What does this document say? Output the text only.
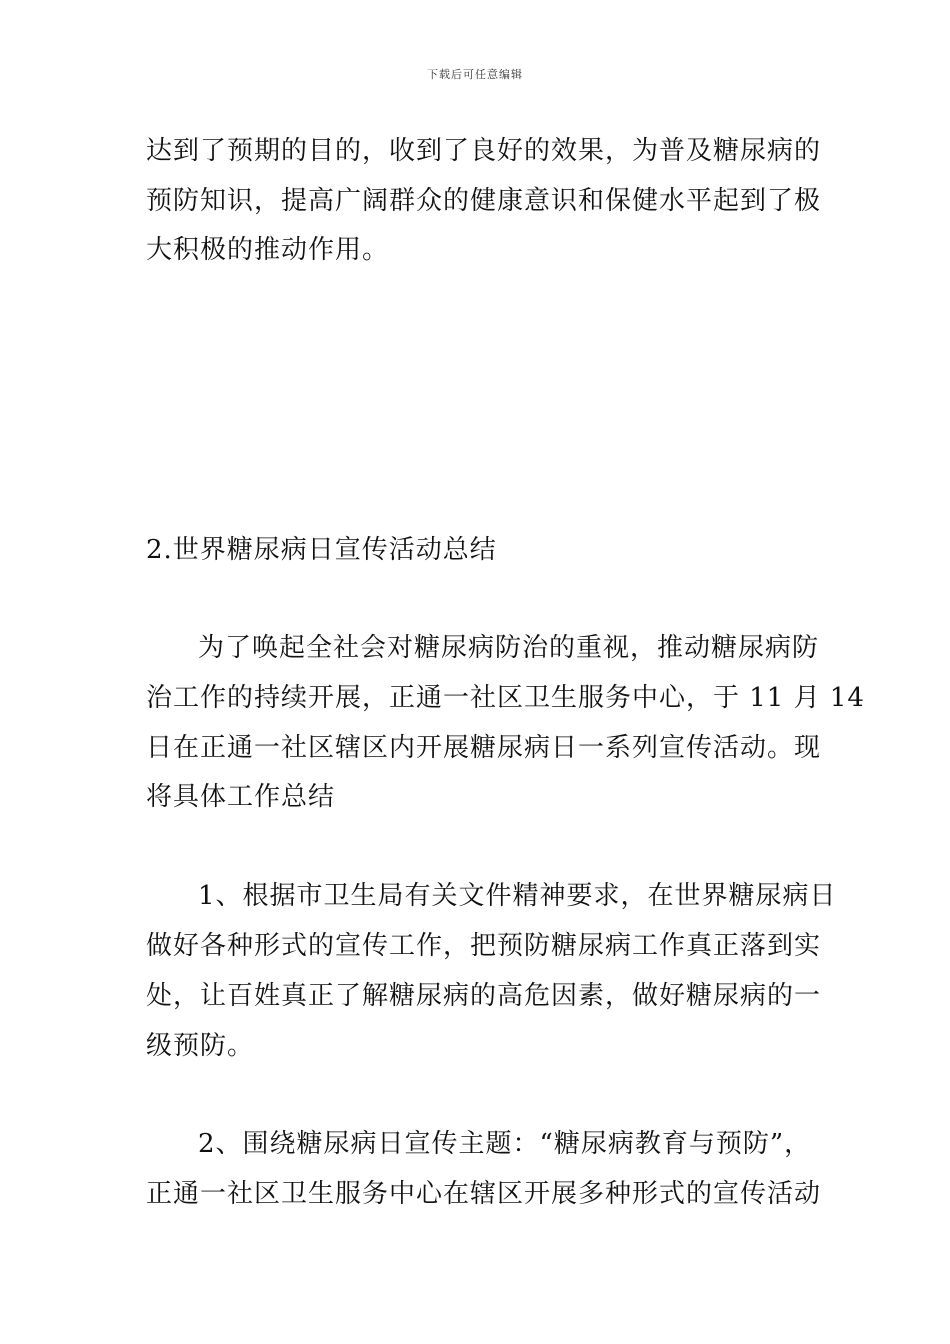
下载后可任意编辑
达到了预期的目的，收到了良好的效果，为普及糖尿病的
预防知识，提高广阔群众的健康意识和保健水平起到了极
大积极的推动作用。
2.世界糖尿病日宣传活动总结
为了唤起全社会对糖尿病防治的重视，推动糖尿病防
治工作的持续开展，正通一社区卫生服务中心，于 11 月 14
日在正通一社区辖区内开展糖尿病日一系列宣传活动。现
将具体工作总结
1、根据市卫生局有关文件精神要求，在世界糖尿病日
做好各种形式的宣传工作，把预防糖尿病工作真正落到实
处，让百姓真正了解糖尿病的高危因素，做好糖尿病的一
级预防。
2、围绕糖尿病日宣传主题：“糖尿病教育与预防”，
正通一社区卫生服务中心在辖区开展多种形式的宣传活动
